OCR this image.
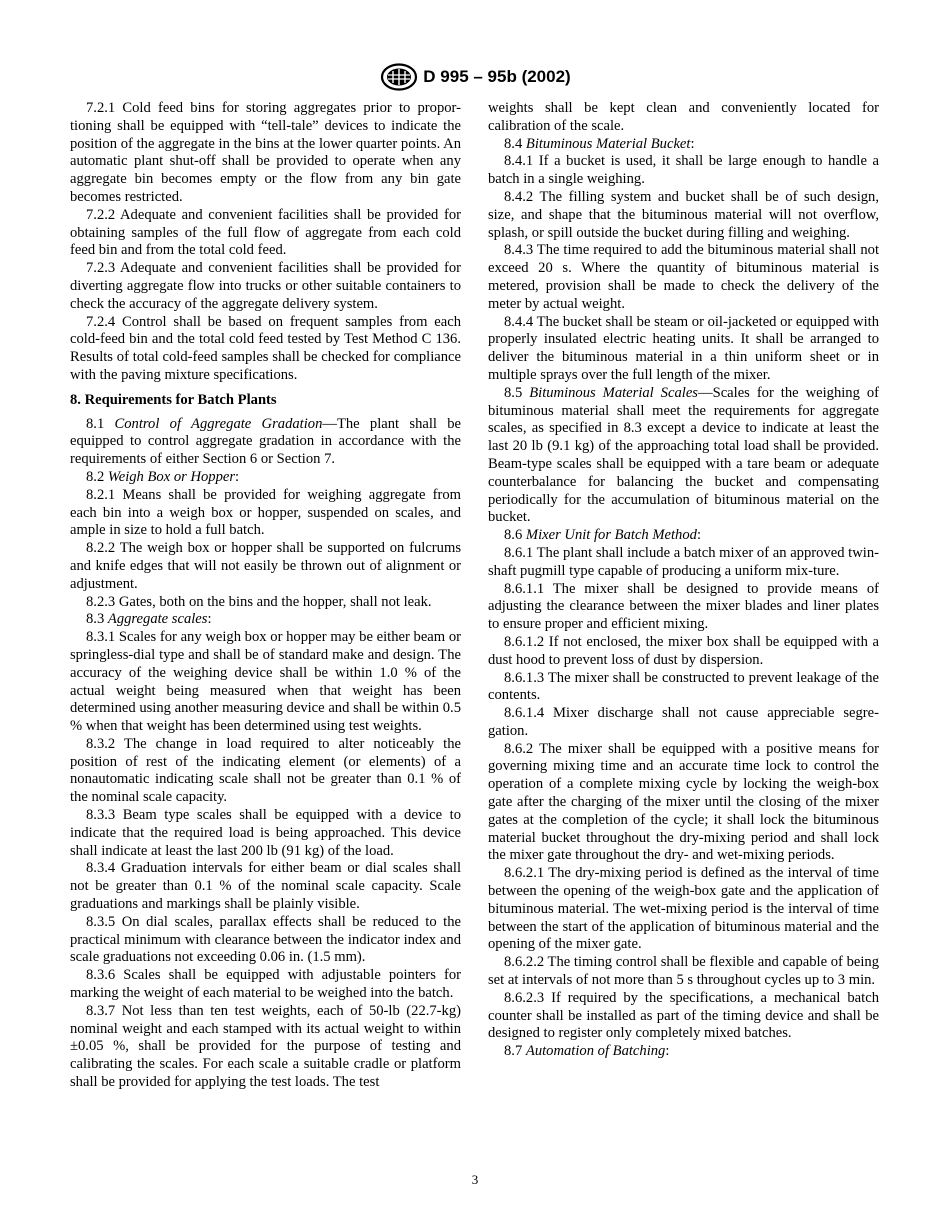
D 995 – 95b (2002)

7.2.1 Cold feed bins for storing aggregates prior to propor-tioning shall be equipped with “tell-tale” devices to indicate the position of the aggregate in the bins at the lower quarter points. An automatic plant shut-off shall be provided to operate when any aggregate bin becomes empty or the flow from any bin gate becomes restricted.

7.2.2 Adequate and convenient facilities shall be provided for obtaining samples of the full flow of aggregate from each cold feed bin and from the total cold feed.

7.2.3 Adequate and convenient facilities shall be provided for diverting aggregate flow into trucks or other suitable containers to check the accuracy of the aggregate delivery system.

7.2.4 Control shall be based on frequent samples from each cold-feed bin and the total cold feed tested by Test Method C 136. Results of total cold-feed samples shall be checked for compliance with the paving mixture specifications.

8. Requirements for Batch Plants

8.1 Control of Aggregate Gradation—The plant shall be equipped to control aggregate gradation in accordance with the requirements of either Section 6 or Section 7.

8.2 Weigh Box or Hopper:

8.2.1 Means shall be provided for weighing aggregate from each bin into a weigh box or hopper, suspended on scales, and ample in size to hold a full batch.

8.2.2 The weigh box or hopper shall be supported on fulcrums and knife edges that will not easily be thrown out of alignment or adjustment.

8.2.3 Gates, both on the bins and the hopper, shall not leak.

8.3 Aggregate scales:

8.3.1 Scales for any weigh box or hopper may be either beam or springless-dial type and shall be of standard make and design. The accuracy of the weighing device shall be within 1.0 % of the actual weight being measured when that weight has been determined using another measuring device and shall be within 0.5 % when that weight has been determined using test weights.

8.3.2 The change in load required to alter noticeably the position of rest of the indicating element (or elements) of a nonautomatic indicating scale shall not be greater than 0.1 % of the nominal scale capacity.

8.3.3 Beam type scales shall be equipped with a device to indicate that the required load is being approached. This device shall indicate at least the last 200 lb (91 kg) of the load.

8.3.4 Graduation intervals for either beam or dial scales shall not be greater than 0.1 % of the nominal scale capacity. Scale graduations and markings shall be plainly visible.

8.3.5 On dial scales, parallax effects shall be reduced to the practical minimum with clearance between the indicator index and scale graduations not exceeding 0.06 in. (1.5 mm).

8.3.6 Scales shall be equipped with adjustable pointers for marking the weight of each material to be weighed into the batch.

8.3.7 Not less than ten test weights, each of 50-lb (22.7-kg) nominal weight and each stamped with its actual weight to within ±0.05 %, shall be provided for the purpose of testing and calibrating the scales. For each scale a suitable cradle or platform shall be provided for applying the test loads. The test

weights shall be kept clean and conveniently located for calibration of the scale.

8.4 Bituminous Material Bucket:

8.4.1 If a bucket is used, it shall be large enough to handle a batch in a single weighing.

8.4.2 The filling system and bucket shall be of such design, size, and shape that the bituminous material will not overflow, splash, or spill outside the bucket during filling and weighing.

8.4.3 The time required to add the bituminous material shall not exceed 20 s. Where the quantity of bituminous material is metered, provision shall be made to check the delivery of the meter by actual weight.

8.4.4 The bucket shall be steam or oil-jacketed or equipped with properly insulated electric heating units. It shall be arranged to deliver the bituminous material in a thin uniform sheet or in multiple sprays over the full length of the mixer.

8.5 Bituminous Material Scales—Scales for the weighing of bituminous material shall meet the requirements for aggregate scales, as specified in 8.3 except a device to indicate at least the last 20 lb (9.1 kg) of the approaching total load shall be provided. Beam-type scales shall be equipped with a tare beam or adequate counterbalance for balancing the bucket and compensating periodically for the accumulation of bituminous material on the bucket.

8.6 Mixer Unit for Batch Method:

8.6.1 The plant shall include a batch mixer of an approved twin-shaft pugmill type capable of producing a uniform mix-ture.

8.6.1.1 The mixer shall be designed to provide means of adjusting the clearance between the mixer blades and liner plates to ensure proper and efficient mixing.

8.6.1.2 If not enclosed, the mixer box shall be equipped with a dust hood to prevent loss of dust by dispersion.

8.6.1.3 The mixer shall be constructed to prevent leakage of the contents.

8.6.1.4 Mixer discharge shall not cause appreciable segre-gation.

8.6.2 The mixer shall be equipped with a positive means for governing mixing time and an accurate time lock to control the operation of a complete mixing cycle by locking the weigh-box gate after the charging of the mixer until the closing of the mixer gates at the completion of the cycle; it shall lock the bituminous material bucket throughout the dry-mixing period and shall lock the mixer gate throughout the dry- and wet-mixing periods.

8.6.2.1 The dry-mixing period is defined as the interval of time between the opening of the weigh-box gate and the application of bituminous material. The wet-mixing period is the interval of time between the start of the application of bituminous material and the opening of the mixer gate.

8.6.2.2 The timing control shall be flexible and capable of being set at intervals of not more than 5 s throughout cycles up to 3 min.

8.6.2.3 If required by the specifications, a mechanical batch counter shall be installed as part of the timing device and shall be designed to register only completely mixed batches.

8.7 Automation of Batching:

3
